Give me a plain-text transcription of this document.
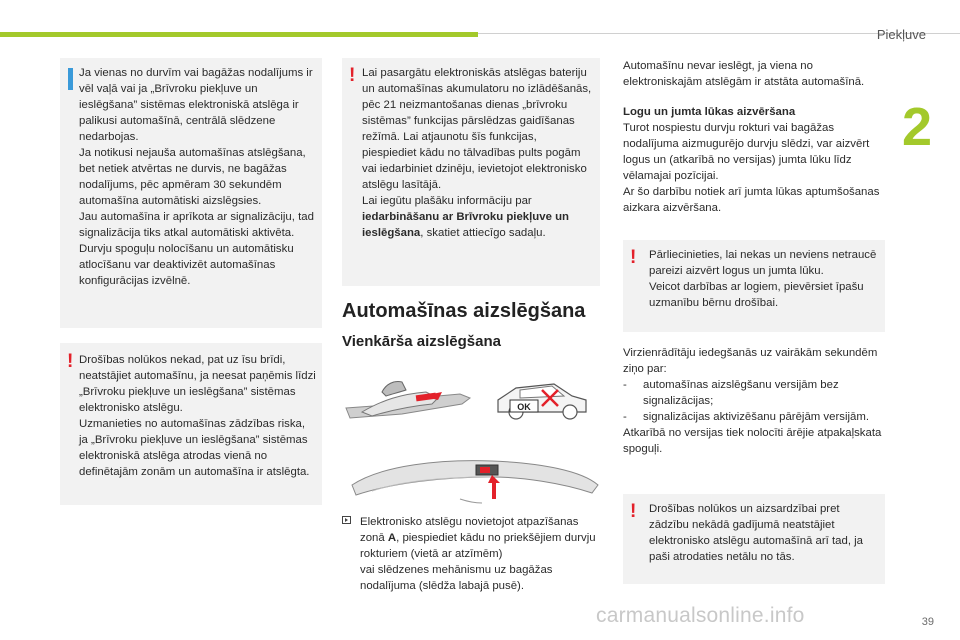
Piekļuve
2

Ja vienas no durvīm vai bagāžas nodalījums ir vēl vaļā vai ja „Brīvroku piekļuve un ieslēgšana” sistēmas elektroniskā atslēga ir palikusi automašīnā, centrālā slēdzene nedarbojas.

Ja notikusi nejauša automašīnas atslēgšana, bet netiek atvērtas ne durvis, ne bagāžas nodalījums, pēc apmēram 30 sekundēm automašīna automātiski aizslēgsies.

Jau automašīna ir aprīkota ar signalizāciju, tad signalizācija tiks atkal automātiski aktivēta.

Durvju spoguļu nolocīšanu un automātisku atlocīšanu var deaktivizēt automašīnas konfigurācijas izvēlnē.

! Drošības nolūkos nekad, pat uz īsu brīdi, neatstājiet automašīnu, ja neesat paņēmis līdzi „Brīvroku piekļuve un ieslēgšana” sistēmas elektronisko atslēgu.

Uzmanieties no automašīnas zādzības riska, ja „Brīvroku piekļuve un ieslēgšana” sistēmas elektroniskā atslēga atrodas vienā no definētajām zonām un automašīna ir atslēgta.

! Lai pasargātu elektroniskās atslēgas bateriju un automašīnas akumulatoru no izlādēšanās, pēc 21 neizmantošanas dienas „brīvroku sistēmas” funkcijas pārslēdzas gaidīšanas režīmā. Lai atjaunotu šīs funkcijas, piespiediet kādu no tālvadības pults pogām vai iedarbiniet dzinēju, ievietojot elektronisko atslēgu lasītājā.

Lai iegūtu plašāku informāciju par iedarbināšanu ar Brīvroku piekļuve un ieslēgšana, skatiet attiecīgo sadaļu.

Automašīnas aizslēgšana
Vienkārša aizslēgšana
OK

Elektronisko atslēgu novietojot atpazīšanas zonā A, piespiediet kādu no priekšējiem durvju rokturiem (vietā ar atzīmēm)
vai slēdzenes mehānismu uz bagāžas nodalījuma (slēdža labajā pusē).

Automašīnu nevar ieslēgt, ja viena no elektroniskajām atslēgām ir atstāta automašīnā.

Logu un jumta lūkas aizvēršana

Turot nospiestu durvju rokturi vai bagāžas nodalījuma aizmugurējo durvju slēdzi, var aizvērt logus un (atkarībā no versijas) jumta lūku līdz vēlamajai pozīcijai.

Ar šo darbību notiek arī jumta lūkas aptumšošanas aizkara aizvēršana.

! Pārliecinieties, lai nekas un neviens netraucē pareizi aizvērt logus un jumta lūku.

Veicot darbības ar logiem, pievērsiet īpašu uzmanību bērnu drošībai.

Virzienrādītāju iedegšanās uz vairākām sekundēm ziņo par:

-	automašīnas aizslēgšanu versijām bez signalizācijas;

-	signalizācijas aktivizēšanu pārējām versijām.

Atkarībā no versijas tiek nolocīti ārējie atpakaļskata spoguļi.

! Drošības nolūkos un aizsardzībai pret zādzību nekādā gadījumā neatstājiet elektronisko atslēgu automašīnā arī tad, ja paši atrodaties netālu no tās.

carmanualsonline.info	39
